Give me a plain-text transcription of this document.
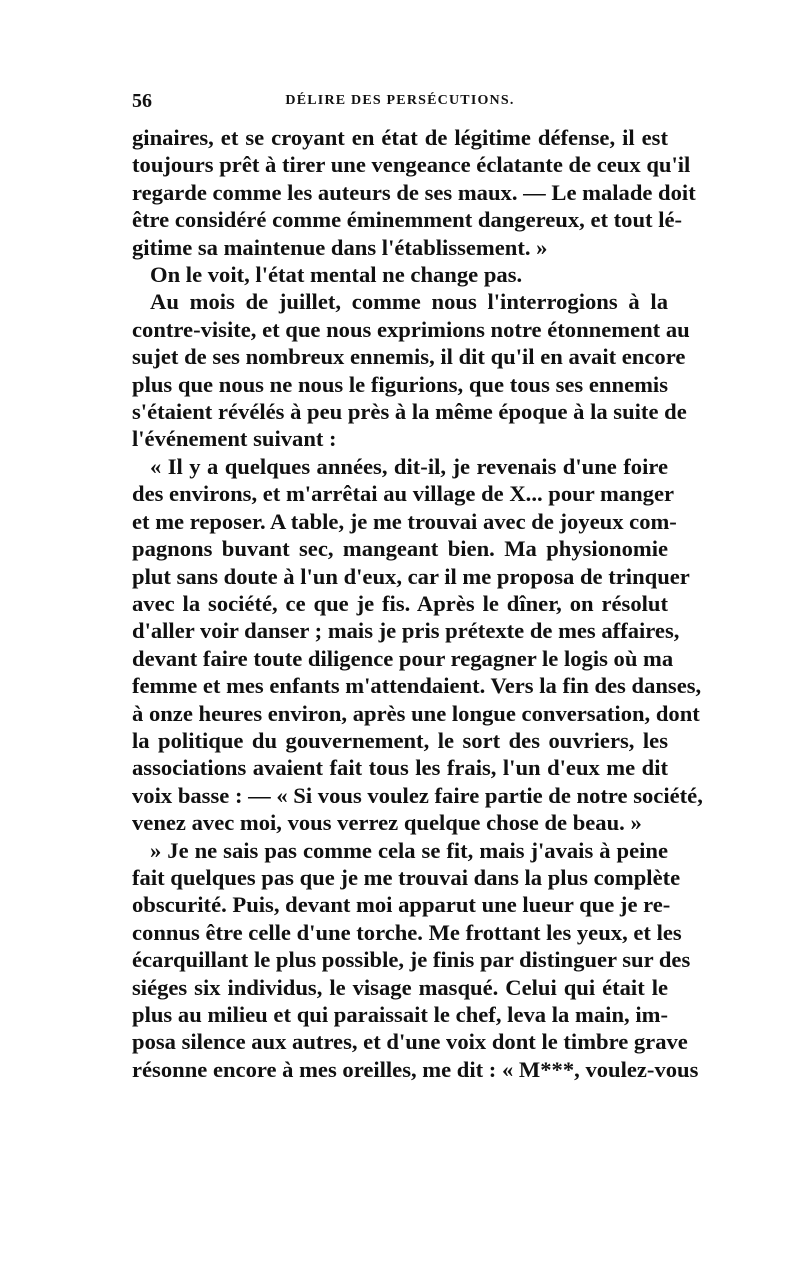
56	DÉLIRE DES PERSÉCUTIONS.
ginaires, et se croyant en état de légitime défense, il est
toujours prêt à tirer une vengeance éclatante de ceux qu'il
regarde comme les auteurs de ses maux. — Le malade doit
être considéré comme éminemment dangereux, et tout lé-
gitime sa maintenue dans l'établissement. »
On le voit, l'état mental ne change pas.
Au mois de juillet, comme nous l'interrogions à la
contre-visite, et que nous exprimions notre étonnement au
sujet de ses nombreux ennemis, il dit qu'il en avait encore
plus que nous ne nous le figurions, que tous ses ennemis
s'étaient révélés à peu près à la même époque à la suite de
l'événement suivant :
« Il y a quelques années, dit-il, je revenais d'une foire
des environs, et m'arrêtai au village de X... pour manger
et me reposer. A table, je me trouvai avec de joyeux com-
pagnons buvant sec, mangeant bien. Ma physionomie
plut sans doute à l'un d'eux, car il me proposa de trinquer
avec la société, ce que je fis. Après le dîner, on résolut
d'aller voir danser ; mais je pris prétexte de mes affaires,
devant faire toute diligence pour regagner le logis où ma
femme et mes enfants m'attendaient. Vers la fin des danses,
à onze heures environ, après une longue conversation, dont
la politique du gouvernement, le sort des ouvriers, les
associations avaient fait tous les frais, l'un d'eux me dit
voix basse : — « Si vous voulez faire partie de notre société,
venez avec moi, vous verrez quelque chose de beau. »
» Je ne sais pas comme cela se fit, mais j'avais à peine
fait quelques pas que je me trouvai dans la plus complète
obscurité. Puis, devant moi apparut une lueur que je re-
connus être celle d'une torche. Me frottant les yeux, et les
écarquillant le plus possible, je finis par distinguer sur des
siéges six individus, le visage masqué. Celui qui était le
plus au milieu et qui paraissait le chef, leva la main, im-
posa silence aux autres, et d'une voix dont le timbre grave
résonne encore à mes oreilles, me dit : « M***, voulez-vous
